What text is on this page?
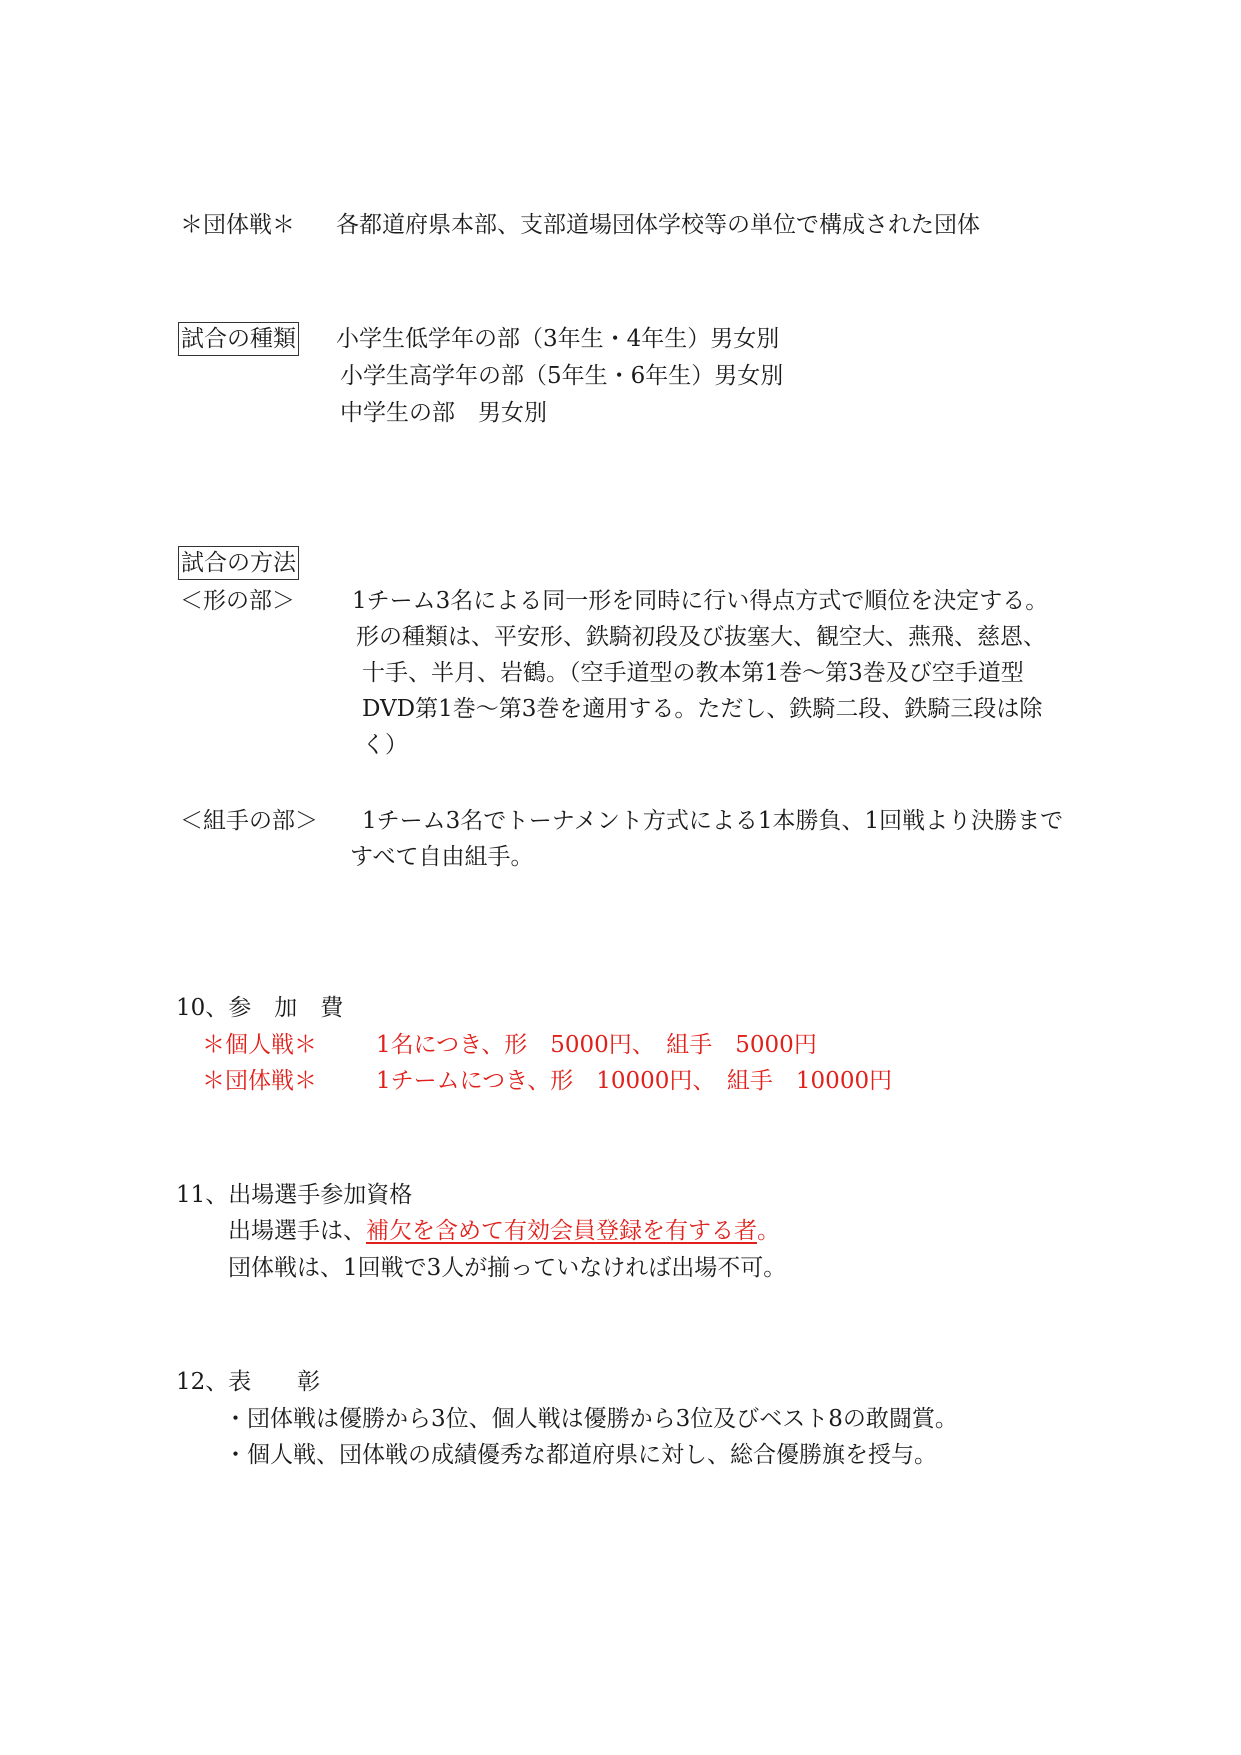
＊団体戦＊ 各都道府県本部、支部道場団体学校等の単位で構成された団体
試合の種類 小学生低学年の部（3年生・4年生）男女別
小学生高学年の部（5年生・6年生）男女別
中学生の部　男女別
試合の方法
＜形の部＞ 1チーム3名による同一形を同時に行い得点方式で順位を決定する。
形の種類は、平安形、鉄騎初段及び抜塞大、観空大、燕飛、慈恩、
十手、半月、岩鶴。（空手道型の教本第1巻～第3巻及び空手道型
DVD第1巻～第3巻を適用する。ただし、鉄騎二段、鉄騎三段は除
く）
＜組手の部＞ 1チーム3名でトーナメント方式による1本勝負、1回戦より決勝まで
すべて自由組手。
10、参　加　費
＊個人戦＊	1名につき、形　5000円、　組手　5000円
＊団体戦＊	1チームにつき、形　10000円、　組手　10000円
11、出場選手参加資格
出場選手は、補欠を含めて有効会員登録を有する者。
団体戦は、1回戦で3人が揃っていなければ出場不可。
12、表　　彰
・団体戦は優勝から3位、個人戦は優勝から3位及びベスト8の敢闘賞。
・個人戦、団体戦の成績優秀な都道府県に対し、総合優勝旗を授与。
